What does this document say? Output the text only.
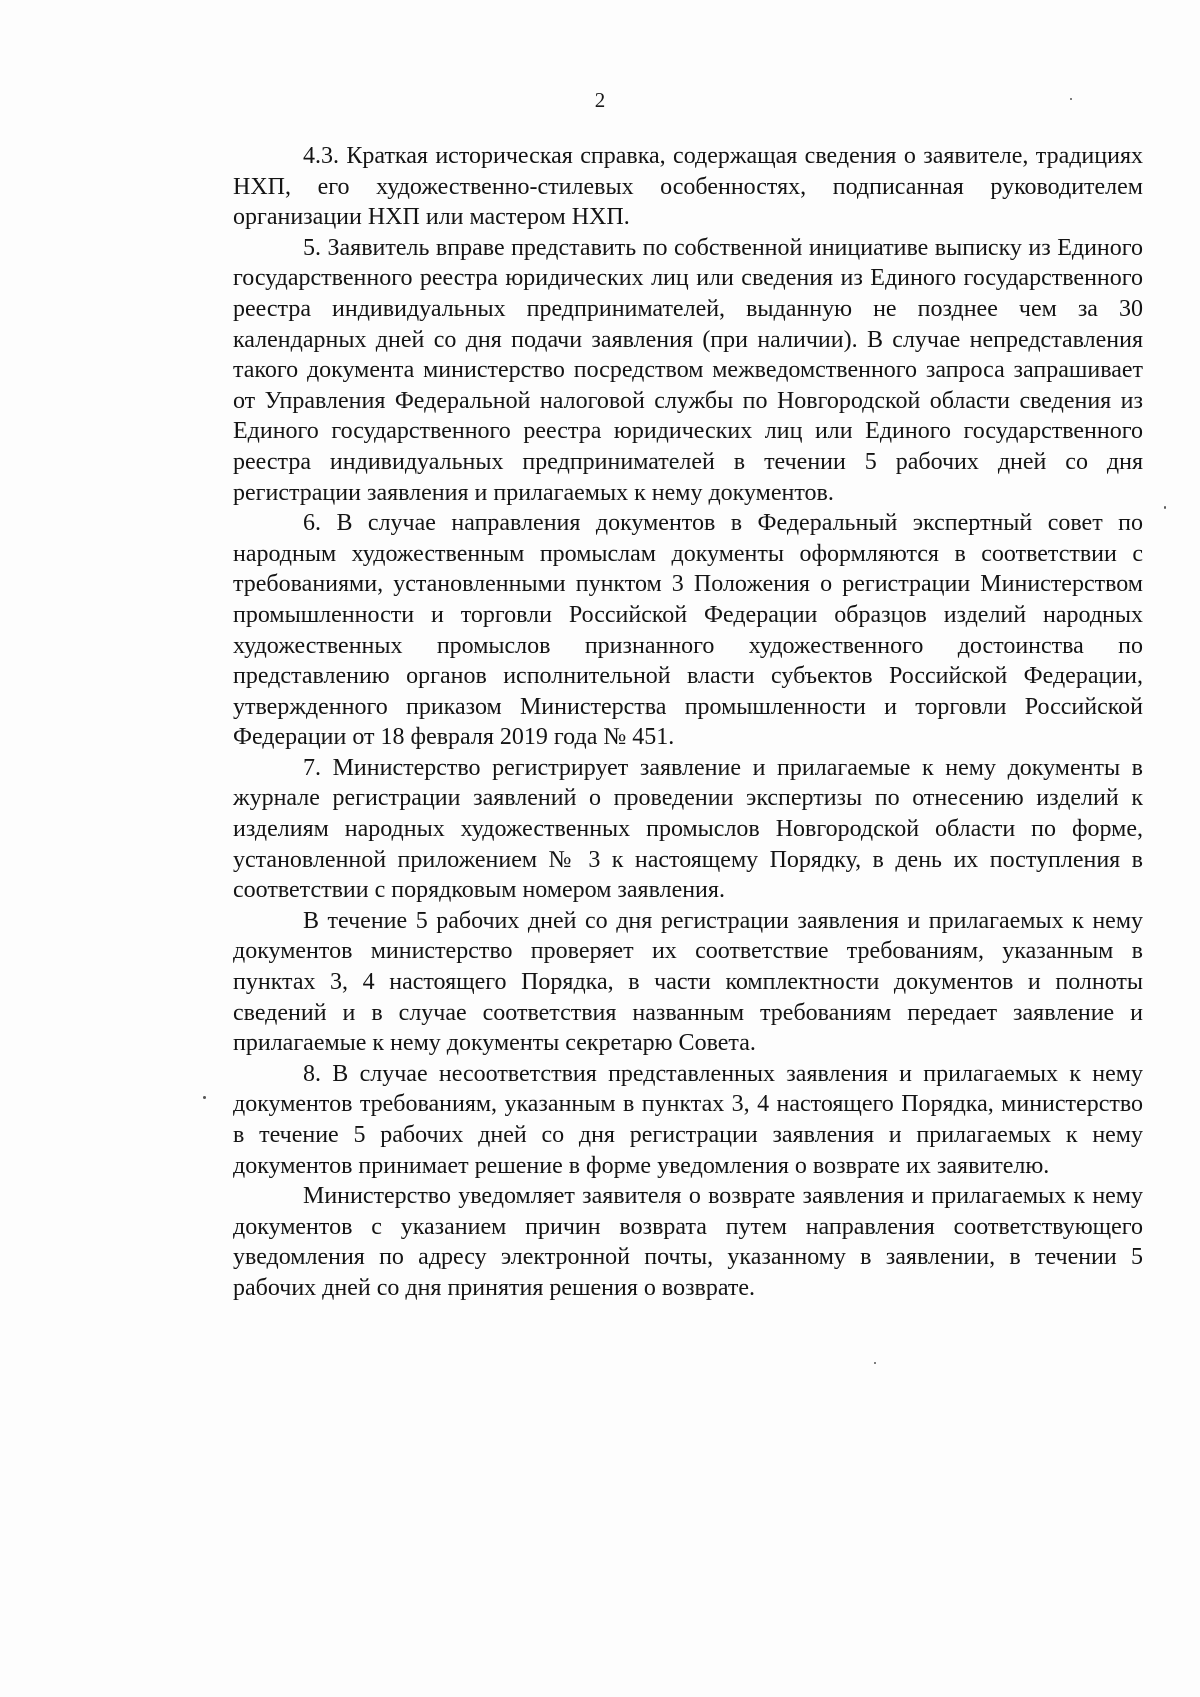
2

4.3. Краткая историческая справка, содержащая сведения о заявителе, традициях НХП, его художественно-стилевых особенностях, подписанная руководителем организации НХП или мастером НХП.

5. Заявитель вправе представить по собственной инициативе выписку из Единого государственного реестра юридических лиц или сведения из Единого государственного реестра индивидуальных предпринимателей, выданную не позднее чем за 30 календарных дней со дня подачи заявления (при наличии). В случае непредставления такого документа министерство посредством межведомственного запроса запрашивает от Управления Федеральной налоговой службы по Новгородской области сведения из Единого государственного реестра юридических лиц или Единого государственного реестра индивидуальных предпринимателей в течении 5 рабочих дней со дня регистрации заявления и прилагаемых к нему документов.

6. В случае направления документов в Федеральный экспертный совет по народным художественным промыслам документы оформляются в соответствии с требованиями, установленными пунктом 3 Положения о регистрации Министерством промышленности и торговли Российской Федерации образцов изделий народных художественных промыслов признанного художественного достоинства по представлению органов исполнительной власти субъектов Российской Федерации, утвержденного приказом Министерства промышленности и торговли Российской Федерации от 18 февраля 2019 года № 451.

7. Министерство регистрирует заявление и прилагаемые к нему документы в журнале регистрации заявлений о проведении экспертизы по отнесению изделий к изделиям народных художественных промыслов Новгородской области по форме, установленной приложением № 3 к настоящему Порядку, в день их поступления в соответствии с порядковым номером заявления.

В течение 5 рабочих дней со дня регистрации заявления и прилагаемых к нему документов министерство проверяет их соответствие требованиям, указанным в пунктах 3, 4 настоящего Порядка, в части комплектности документов и полноты сведений и в случае соответствия названным требованиям передает заявление и прилагаемые к нему документы секретарю Совета.

8. В случае несоответствия представленных заявления и прилагаемых к нему документов требованиям, указанным в пунктах 3, 4 настоящего Порядка, министерство в течение 5 рабочих дней со дня регистрации заявления и прилагаемых к нему документов принимает решение в форме уведомления о возврате их заявителю.

Министерство уведомляет заявителя о возврате заявления и прилагаемых к нему документов с указанием причин возврата путем направления соответствующего уведомления по адресу электронной почты, указанному в заявлении, в течении 5 рабочих дней со дня принятия решения о возврате.
